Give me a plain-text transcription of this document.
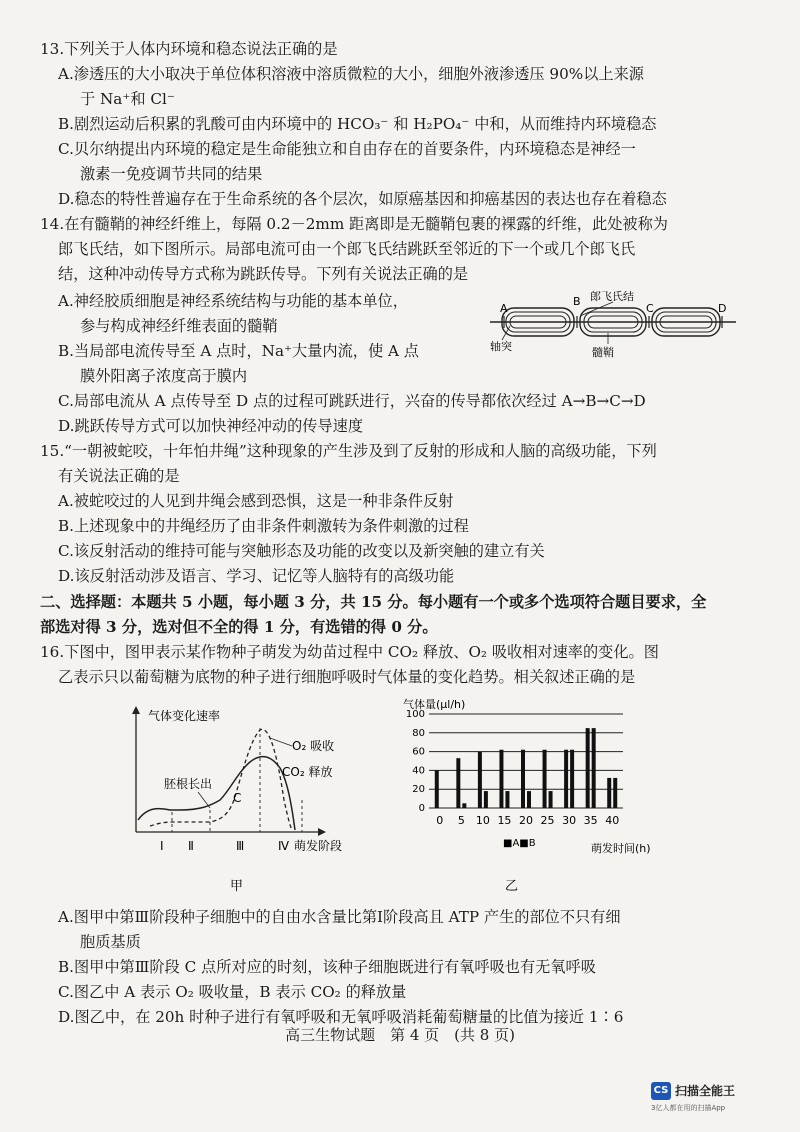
13.下列关于人体内环境和稳态说法正确的是
A.渗透压的大小取决于单位体积溶液中溶质微粒的大小，细胞外液渗透压 90%以上来源
于 Na⁺和 Cl⁻
B.剧烈运动后积累的乳酸可由内环境中的 HCO₃⁻ 和 H₂PO₄⁻ 中和，从而维持内环境稳态
C.贝尔纳提出内环境的稳定是生命能独立和自由存在的首要条件，内环境稳态是神经一
激素一免疫调节共同的结果
D.稳态的特性普遍存在于生命系统的各个层次，如原癌基因和抑癌基因的表达也存在着稳态
14.在有髓鞘的神经纤维上，每隔 0.2－2mm 距离即是无髓鞘包裹的裸露的纤维，此处被称为
郎飞氏结，如下图所示。局部电流可由一个郎飞氏结跳跃至邻近的下一个或几个郎飞氏
结，这种冲动传导方式称为跳跃传导。下列有关说法正确的是
A.神经胶质细胞是神经系统结构与功能的基本单位，
参与构成神经纤维表面的髓鞘
B.当局部电流传导至 A 点时，Na⁺大量内流，使 A 点
膜外阳离子浓度高于膜内
C.局部电流从 A 点传导至 D 点的过程可跳跃进行，兴奋的传导都依次经过 A→B→C→D
D.跳跃传导方式可以加快神经冲动的传导速度
A
B
C	D
郎飞氏结
轴突	髓鞘
15.“一朝被蛇咬，十年怕井绳”这种现象的产生涉及到了反射的形成和人脑的高级功能，下列
有关说法正确的是
A.被蛇咬过的人见到井绳会感到恐惧，这是一种非条件反射
B.上述现象中的井绳经历了由非条件刺激转为条件刺激的过程
C.该反射活动的维持可能与突触形态及功能的改变以及新突触的建立有关
D.该反射活动涉及语言、学习、记忆等人脑特有的高级功能
二、选择题：本题共 5 小题，每小题 3 分，共 15 分。每小题有一个或多个选项符合题目要求，全
部选对得 3 分，选对但不全的得 1 分，有选错的得 0 分。
16.下图中，图甲表示某作物种子萌发为幼苗过程中 CO₂ 释放、O₂ 吸收相对速率的变化。图
乙表示只以葡萄糖为底物的种子进行细胞呼吸时气体量的变化趋势。相关叙述正确的是
气体变化速率
Ⅰ Ⅱ	Ⅲ	Ⅳ 萌发阶段
O₂ 吸收
CO₂ 释放
胚根长出
C
甲
气体量(μl/h)
0
20
40
60
80
100
0 5 10 15 20 25 30 35 40
■A■B	萌发时间(h)
乙
A.图甲中第Ⅲ阶段种子细胞中的自由水含量比第Ⅰ阶段高且 ATP 产生的部位不只有细
胞质基质
B.图甲中第Ⅲ阶段 C 点所对应的时刻，该种子细胞既进行有氧呼吸也有无氧呼吸
C.图乙中 A 表示 O₂ 吸收量，B 表示 CO₂ 的释放量
D.图乙中，在 20h 时种子进行有氧呼吸和无氧呼吸消耗葡萄糖量的比值为接近 1∶6
高三生物试题　第 4 页　(共 8 页)
CS 扫描全能王
3亿人都在用的扫描App
